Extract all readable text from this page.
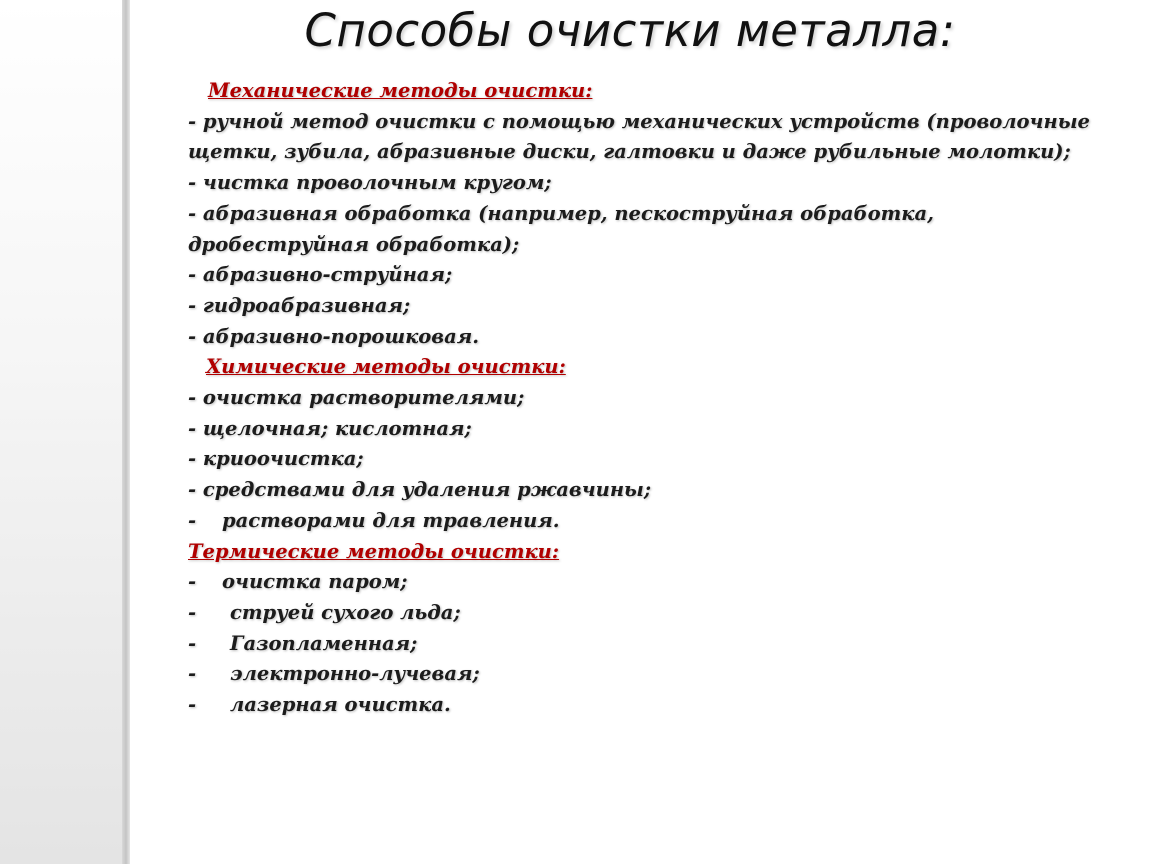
Способы очистки металла:
Механические методы очистки:
- ручной метод очистки с помощью механических устройств (проволочные щетки, зубила, абразивные диски, галтовки и даже рубильные молотки);
- чистка проволочным кругом;
- абразивная обработка (например, пескоструйная обработка, дробеструйная обработка);
- абразивно-струйная;
- гидроабразивная;
- абразивно-порошковая.
Химические методы очистки:
- очистка растворителями;
- щелочная; кислотная;
- криоочистка;
- средствами для удаления ржавчины;
- растворами для травления.
Термические методы очистки:
- очистка паром;
- струей сухого льда;
- Газопламенная;
- электронно-лучевая;
- лазерная очистка.
